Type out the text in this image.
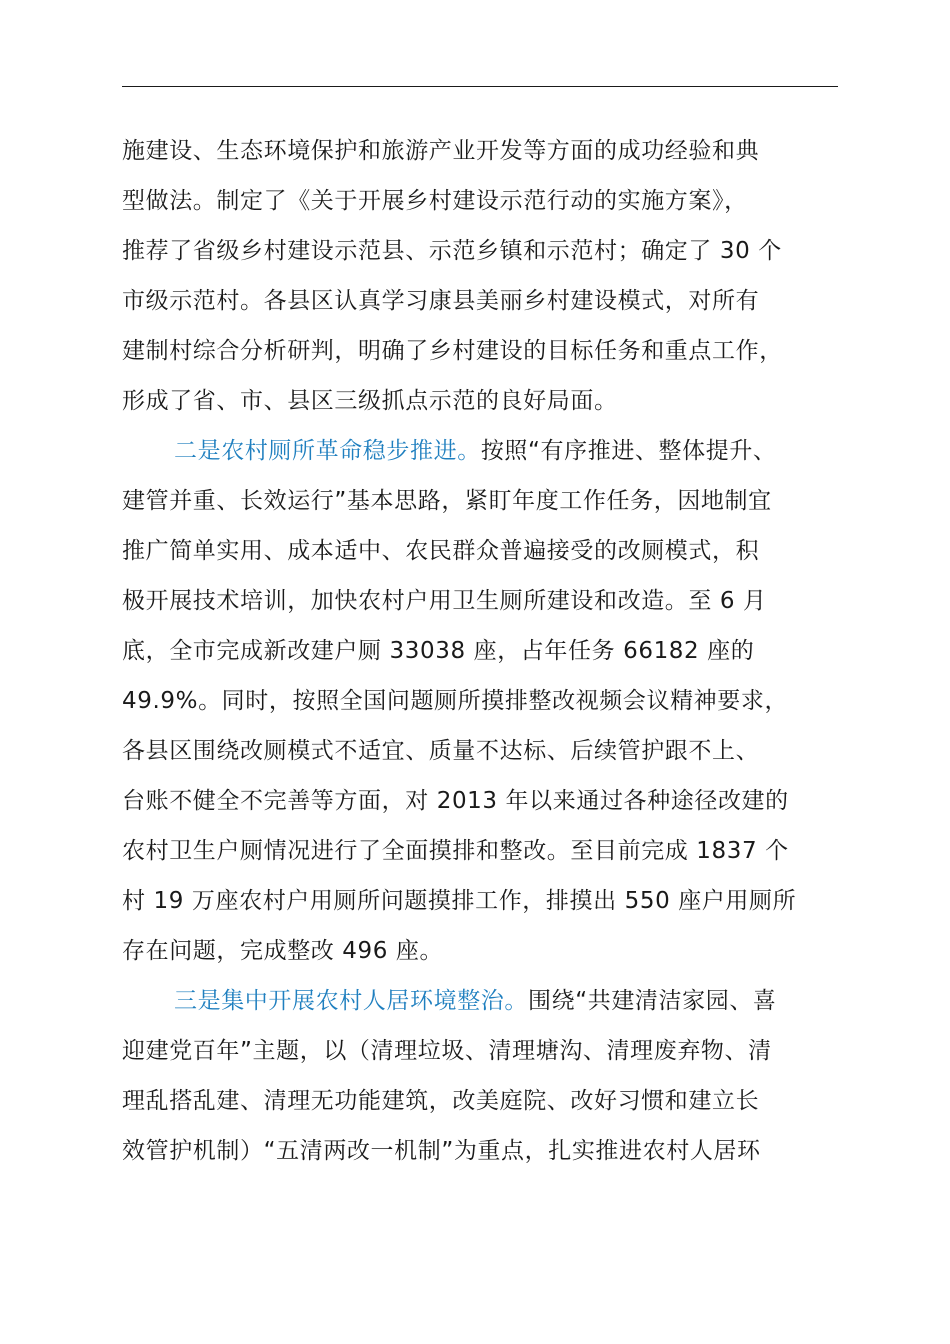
施建设、生态环境保护和旅游产业开发等方面的成功经验和典
型做法。制定了《关于开展乡村建设示范行动的实施方案》，
推荐了省级乡村建设示范县、示范乡镇和示范村；确定了 30 个
市级示范村。各县区认真学习康县美丽乡村建设模式，对所有
建制村综合分析研判，明确了乡村建设的目标任务和重点工作，
形成了省、市、县区三级抓点示范的良好局面。
二是农村厕所革命稳步推进。按照“有序推进、整体提升、
建管并重、长效运行”基本思路，紧盯年度工作任务，因地制宜
推广简单实用、成本适中、农民群众普遍接受的改厕模式，积
极开展技术培训，加快农村户用卫生厕所建设和改造。至 6 月
底，全市完成新改建户厕 33038 座，占年任务 66182 座的
49.9%。同时，按照全国问题厕所摸排整改视频会议精神要求，
各县区围绕改厕模式不适宜、质量不达标、后续管护跟不上、
台账不健全不完善等方面，对 2013 年以来通过各种途径改建的
农村卫生户厕情况进行了全面摸排和整改。至目前完成 1837 个
村 19 万座农村户用厕所问题摸排工作，排摸出 550 座户用厕所
存在问题，完成整改 496 座。
三是集中开展农村人居环境整治。围绕“共建清洁家园、喜
迎建党百年”主题，以（清理垃圾、清理塘沟、清理废弃物、清
理乱搭乱建、清理无功能建筑，改美庭院、改好习惯和建立长
效管护机制）“五清两改一机制”为重点，扎实推进农村人居环
